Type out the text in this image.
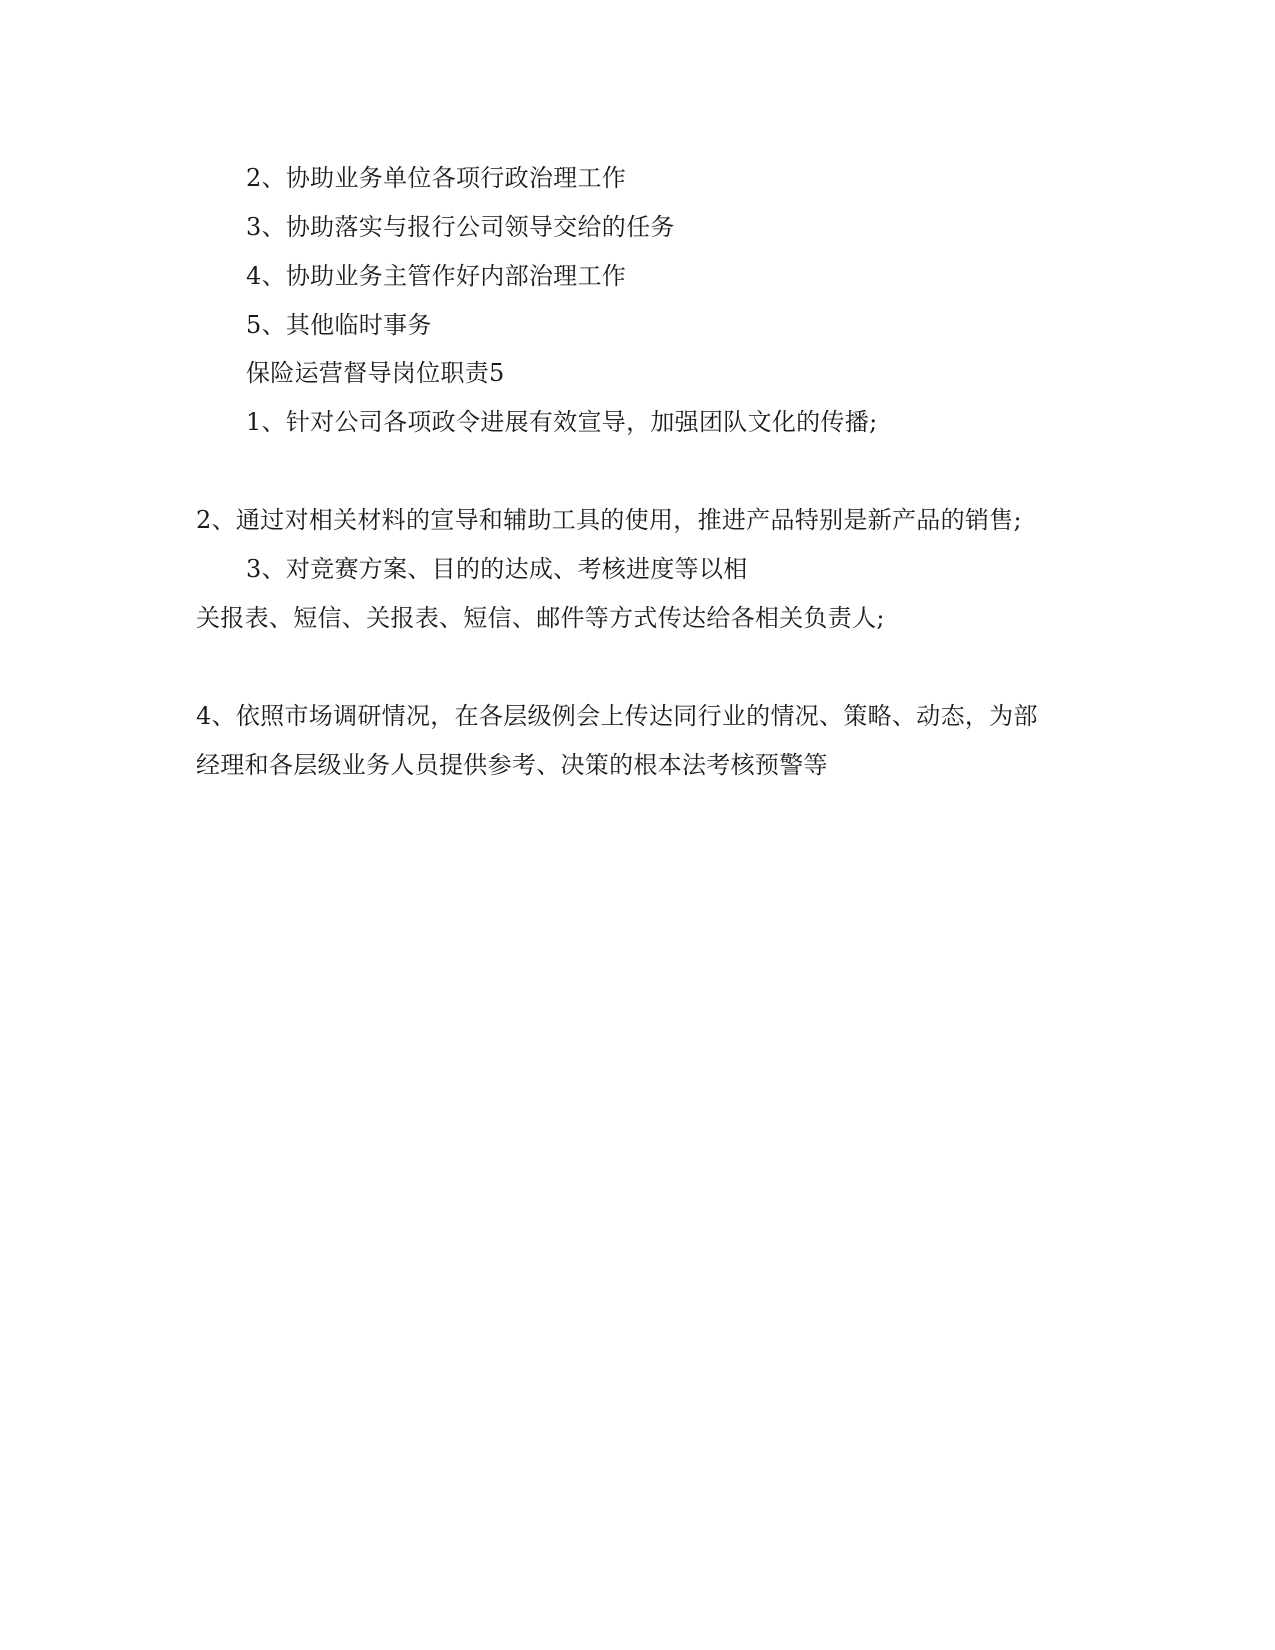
2、协助业务单位各项行政治理工作
3、协助落实与报行公司领导交给的任务
4、协助业务主管作好内部治理工作
5、其他临时事务
保险运营督导岗位职责5
1、针对公司各项政令进展有效宣导，加强团队文化的传播;
2、通过对相关材料的宣导和辅助工具的使用，推进产品特别是新产品的销售;
3、对竞赛方案、目的的达成、考核进度等以相
关报表、短信、关报表、短信、邮件等方式传达给各相关负责人;
4、依照市场调研情况，在各层级例会上传达同行业的情况、策略、动态，为部
经理和各层级业务人员提供参考、决策的根本法考核预警等
